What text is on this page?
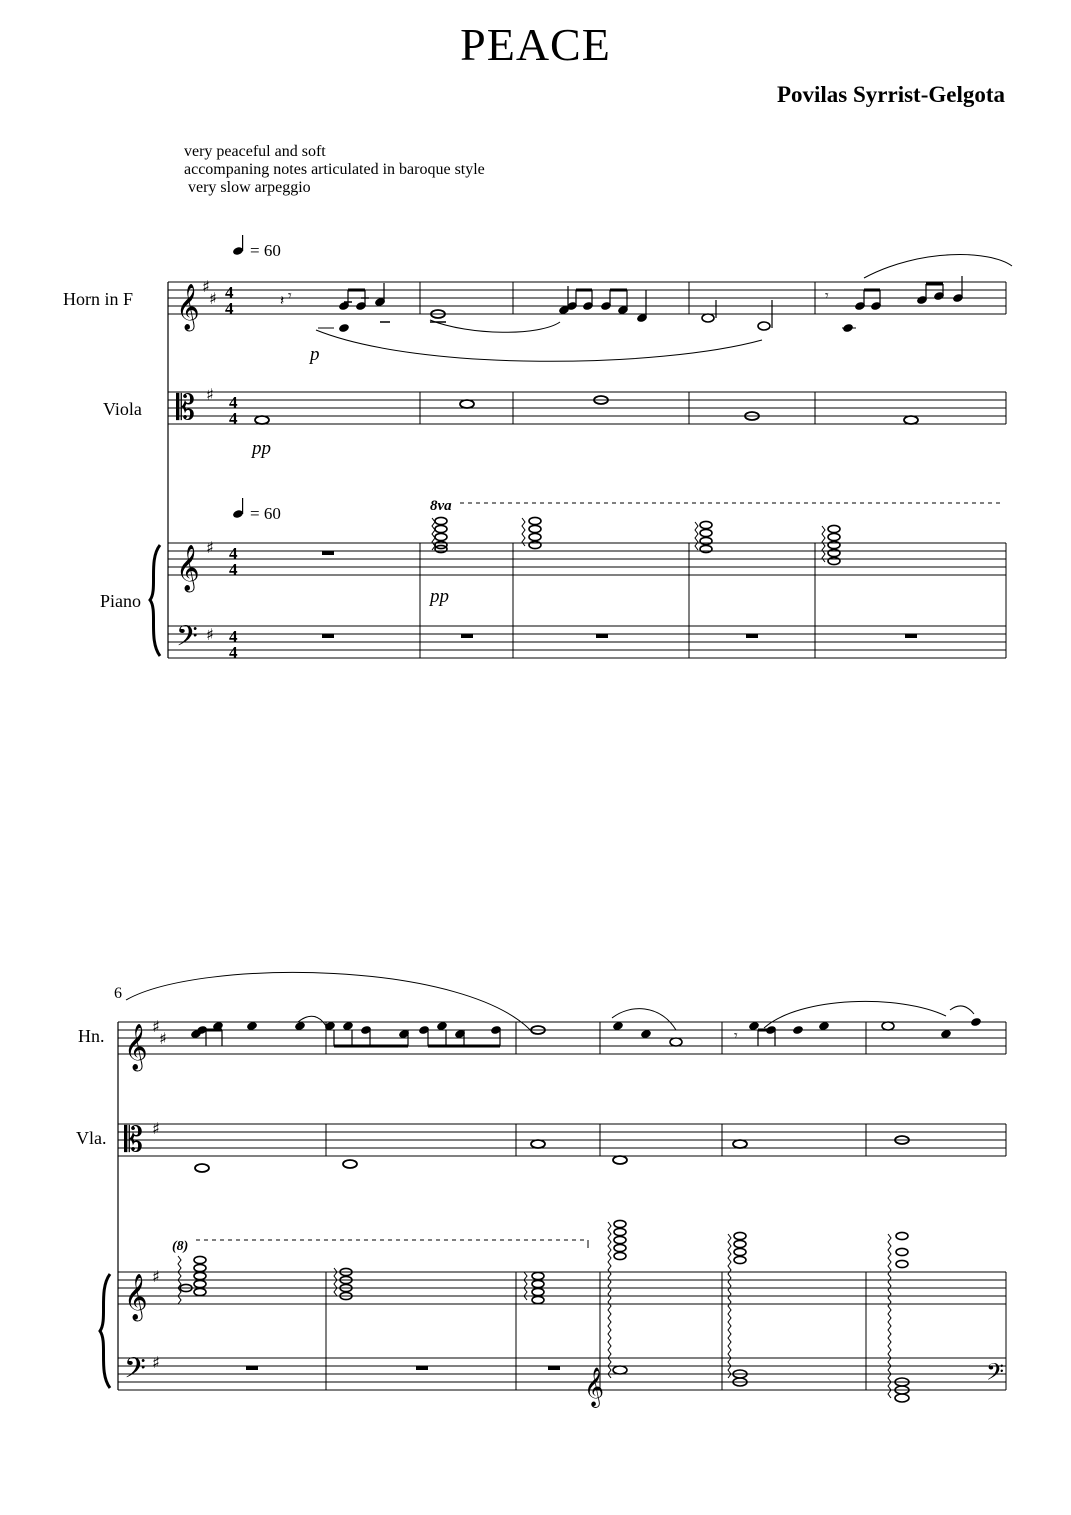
PEACE
Povilas Syrrist-Gelgota
very peaceful and soft
accompaning notes articulated in baroque style
very slow arpeggio
Horn in F
Viola
Piano
Hn.
Vla.
𝄞
𝄡
𝄞
𝄢
𝄞
𝄡
𝄞
𝄢	𝄞	𝄢
♯
♯
♯
♯
♯
♯
♯
♯
♯
♯
4
4
4
4
4
4
4
4
= 60
= 60
p
pp
pp
8va
(8)
6
𝄽 𝄾	𝄾
𝄾
